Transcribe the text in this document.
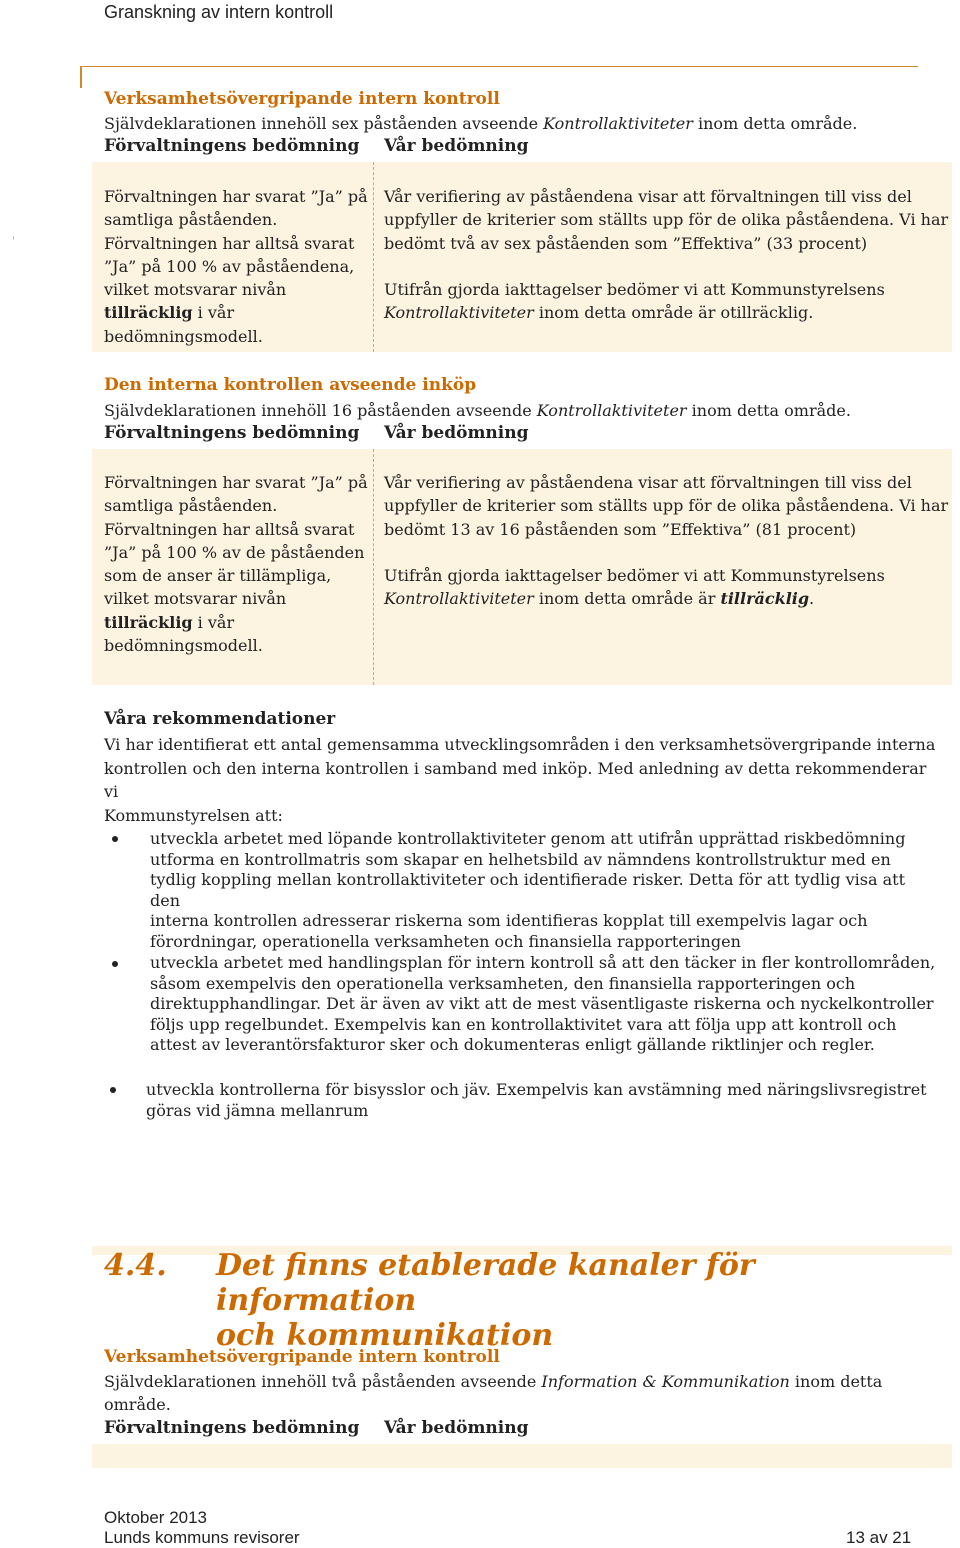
Granskning av intern kontroll
'
Verksamhetsövergripande intern kontroll
Självdeklarationen innehöll sex påståenden avseende Kontrollaktiviteter inom detta område.
Förvaltningens bedömning Vår bedömning

Förvaltningen har svarat ”Ja” på

samtliga påståenden.

Förvaltningen har alltså svarat

”Ja” på 100 % av påståendena,

vilket motsvarar nivån

tillräcklig i vår

bedömningsmodell.

Vår verifiering av påståendena visar att förvaltningen till viss del

uppfyller de kriterier som ställts upp för de olika påståendena. Vi har

bedömt två av sex påståenden som ”Effektiva” (33 procent)

Utifrån gjorda iakttagelser bedömer vi att Kommunstyrelsens

Kontrollaktiviteter inom detta område är otillräcklig.

Den interna kontrollen avseende inköp
Självdeklarationen innehöll 16 påståenden avseende Kontrollaktiviteter inom detta område.
Förvaltningens bedömning Vår bedömning

Förvaltningen har svarat ”Ja” på

samtliga påståenden.

Förvaltningen har alltså svarat

”Ja” på 100 % av de påståenden

som de anser är tillämpliga,

vilket motsvarar nivån

tillräcklig i vår

bedömningsmodell.

Vår verifiering av påståendena visar att förvaltningen till viss del

uppfyller de kriterier som ställts upp för de olika påståendena. Vi har

bedömt 13 av 16 påståenden som ”Effektiva” (81 procent)

Utifrån gjorda iakttagelser bedömer vi att Kommunstyrelsens

Kontrollaktiviteter inom detta område är tillräcklig.

Våra rekommendationer
Vi har identifierat ett antal gemensamma utvecklingsområden i den verksamhetsövergripande interna
kontrollen och den interna kontrollen i samband med inköp. Med anledning av detta rekommenderar vi
Kommunstyrelsen att:
utveckla arbetet med löpande kontrollaktiviteter genom att utifrån upprättad riskbedömning
utforma en kontrollmatris som skapar en helhetsbild av nämndens kontrollstruktur med en
tydlig koppling mellan kontrollaktiviteter och identifierade risker. Detta för att tydlig visa att den
interna kontrollen adresserar riskerna som identifieras kopplat till exempelvis lagar och
förordningar, operationella verksamheten och finansiella rapporteringen
utveckla arbetet med handlingsplan för intern kontroll så att den täcker in fler kontrollområden,
såsom exempelvis den operationella verksamheten, den finansiella rapporteringen och
direktupphandlingar. Det är även av vikt att de mest väsentligaste riskerna och nyckelkontroller
följs upp regelbundet. Exempelvis kan en kontrollaktivitet vara att följa upp att kontroll och
attest av leverantörsfakturor sker och dokumenteras enligt gällande riktlinjer och regler.
utveckla kontrollerna för bisysslor och jäv. Exempelvis kan avstämning med näringslivsregistret
göras vid jämna mellanrum
4.4. Det finns etablerade kanaler för information
och kommunikation
Verksamhetsövergripande intern kontroll
Självdeklarationen innehöll två påståenden avseende Information & Kommunikation inom detta
område.
Förvaltningens bedömning Vår bedömning
Oktober 2013
Lunds kommuns revisorer	13 av 21
